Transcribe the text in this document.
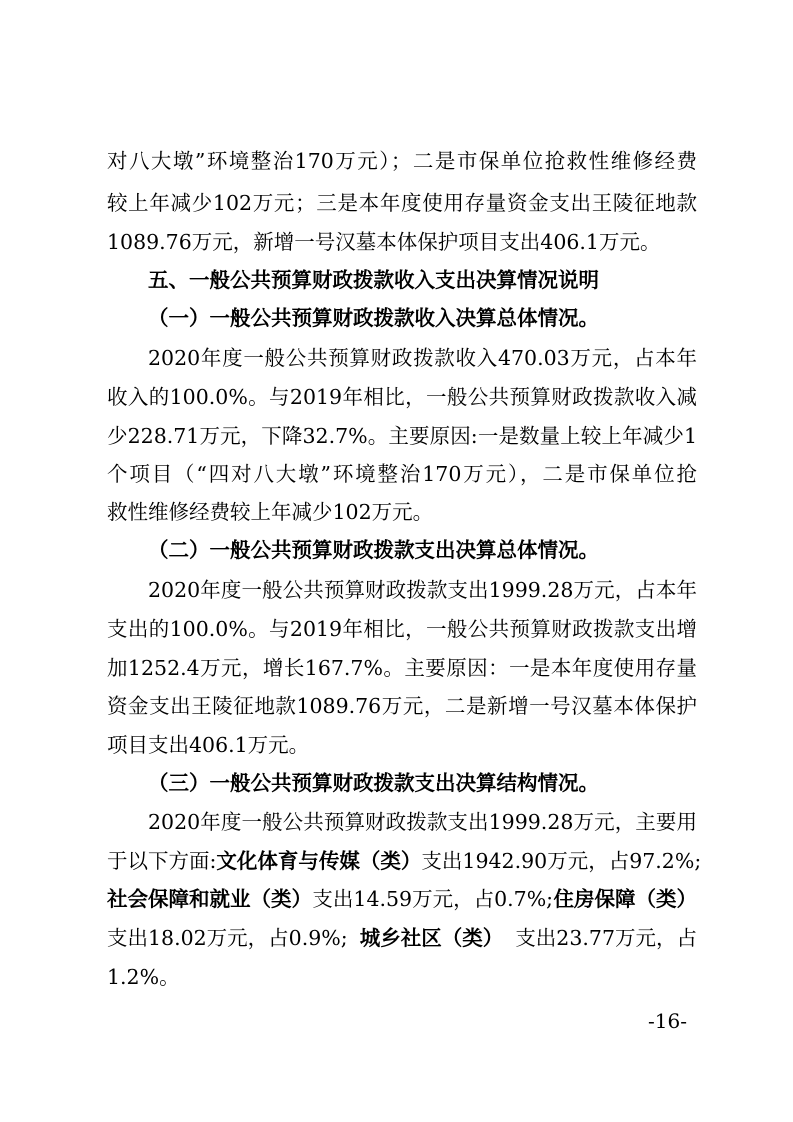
对八大墩”环境整治170万元）；二是市保单位抢救性维修经费
较上年减少102万元；三是本年度使用存量资金支出王陵征地款
1089.76万元，新增一号汉墓本体保护项目支出406.1万元。
五、一般公共预算财政拨款收入支出决算情况说明
（一）一般公共预算财政拨款收入决算总体情况。
2020年度一般公共预算财政拨款收入470.03万元，占本年
收入的100.0%。与2019年相比，一般公共预算财政拨款收入减
少228.71万元，下降32.7%。主要原因:一是数量上较上年减少1
个项目（“四对八大墩”环境整治170万元），二是市保单位抢
救性维修经费较上年减少102万元。
（二）一般公共预算财政拨款支出决算总体情况。
2020年度一般公共预算财政拨款支出1999.28万元，占本年
支出的100.0%。与2019年相比，一般公共预算财政拨款支出增
加1252.4万元，增长167.7%。主要原因：一是本年度使用存量
资金支出王陵征地款1089.76万元，二是新增一号汉墓本体保护
项目支出406.1万元。
（三）一般公共预算财政拨款支出决算结构情况。
2020年度一般公共预算财政拨款支出1999.28万元，主要用
于以下方面: 文化体育与传媒（类） 支出1942.90万元，占97.2%;
社会保障和就业（类） 支出14.59万元，占0.7%; 住房保障（类）
支出18.02万元，占0.9%; 城乡社区（类） 支出23.77万元，占
1.2%。
-16-
